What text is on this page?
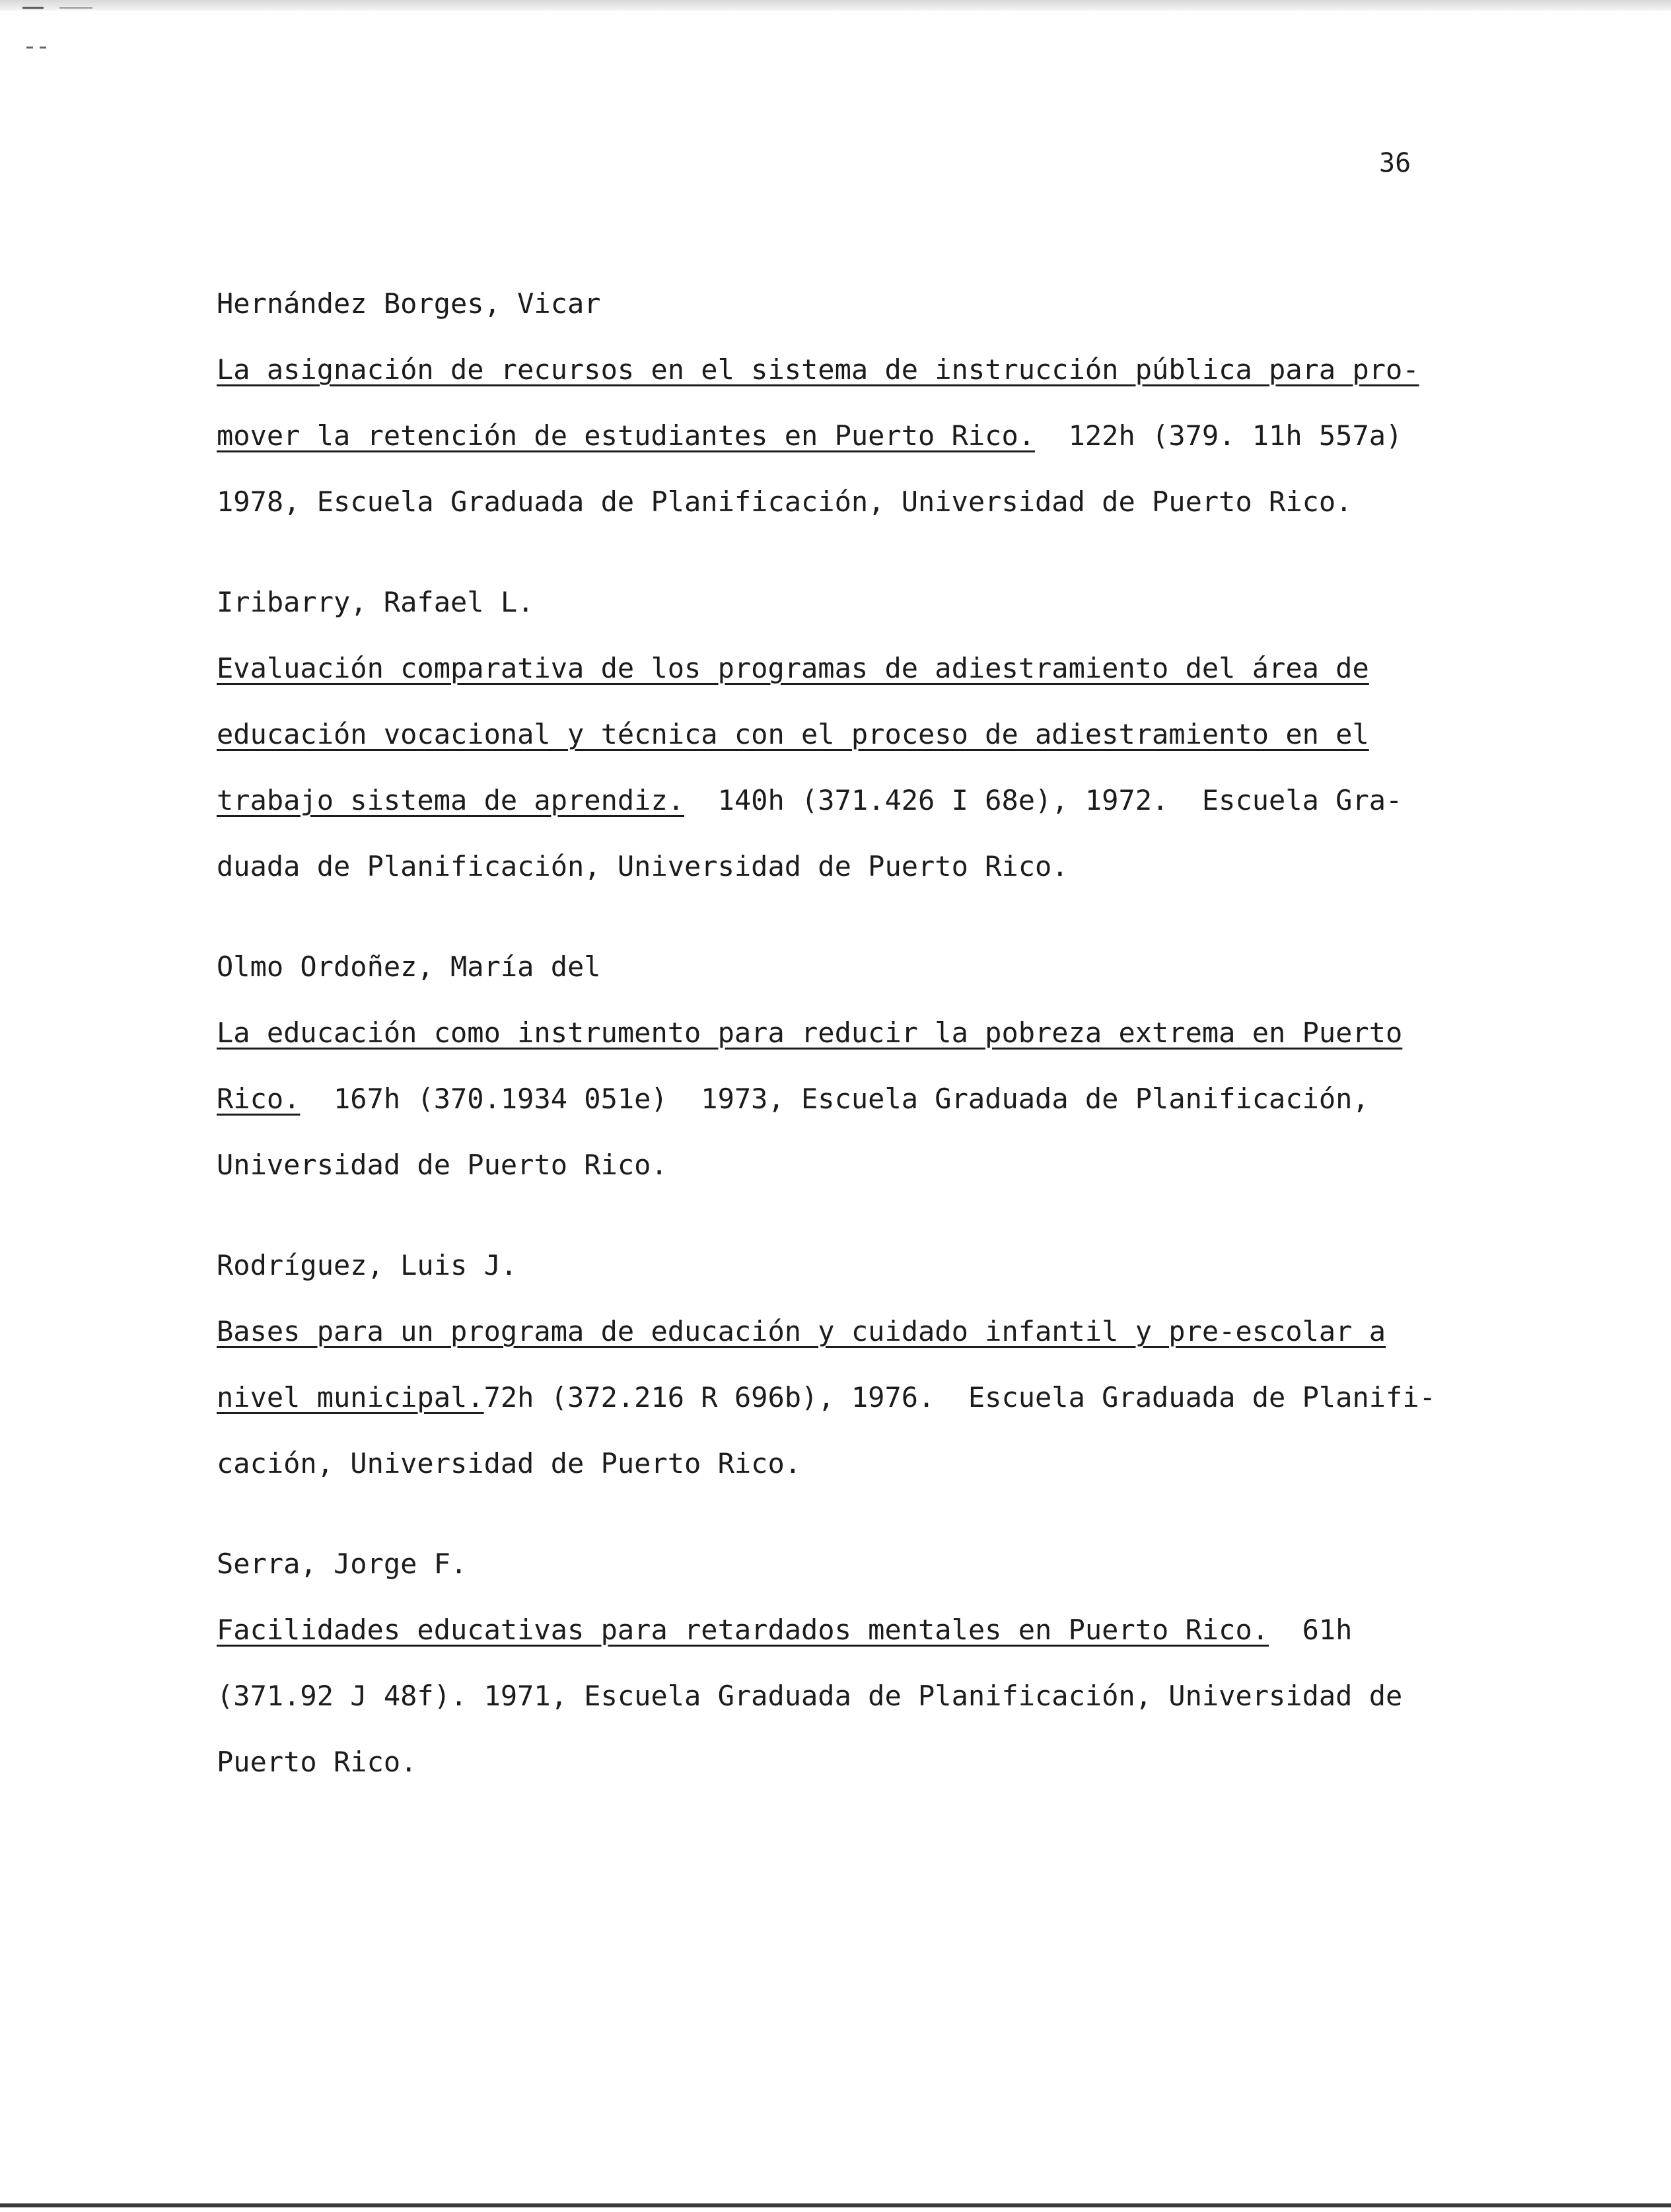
36
Hernández Borges, Vicar
La asignación de recursos en el sistema de instrucción pública para pro-
mover la retención de estudiantes en Puerto Rico.  122h (379. 11h 557a)
1978, Escuela Graduada de Planificación, Universidad de Puerto Rico.
Iribarry, Rafael L.
Evaluación comparativa de los programas de adiestramiento del área de
educación vocacional y técnica con el proceso de adiestramiento en el
trabajo sistema de aprendiz.  140h (371.426 I 68e), 1972.  Escuela Gra-
duada de Planificación, Universidad de Puerto Rico.
Olmo Ordoñez, María del
La educación como instrumento para reducir la pobreza extrema en Puerto
Rico.  167h (370.1934 051e)  1973, Escuela Graduada de Planificación,
Universidad de Puerto Rico.
Rodríguez, Luis J.
Bases para un programa de educación y cuidado infantil y pre-escolar a
nivel municipal.72h (372.216 R 696b), 1976.  Escuela Graduada de Planifi-
cación, Universidad de Puerto Rico.
Serra, Jorge F.
Facilidades educativas para retardados mentales en Puerto Rico.  61h
(371.92 J 48f). 1971, Escuela Graduada de Planificación, Universidad de
Puerto Rico.
